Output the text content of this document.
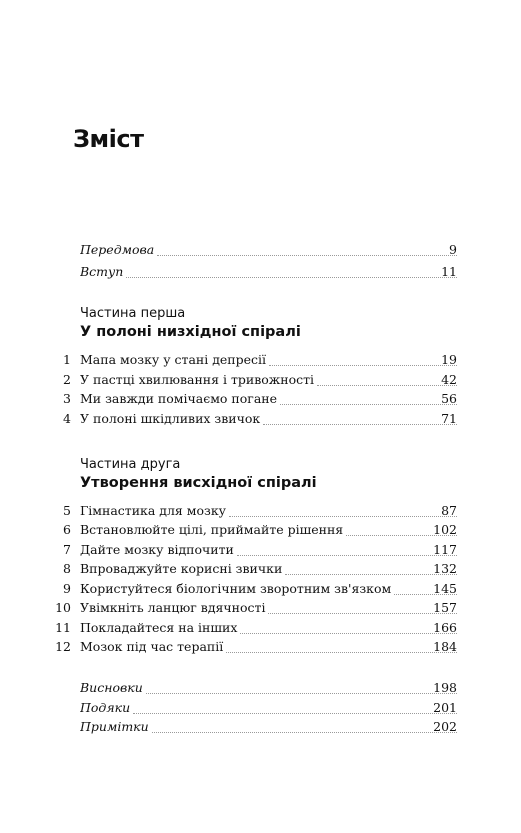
Зміст
Передмова	9
Вступ	11
Частина перша
У полоні низхідної спіралі
1 Мапа мозку у стані депресії	19
2 У пастці хвилювання і тривожності	42
3 Ми завжди помічаємо погане	56
4 У полоні шкідливих звичок	71
Частина друга
Утворення висхідної спіралі
5 Гімнастика для мозку	87
6 Встановлюйте цілі, приймайте рішення	102
7 Дайте мозку відпочити	117
8 Впроваджуйте корисні звички	132
9 Користуйтеся біологічним зворотним зв'язком	145
10 Увімкніть ланцюг вдячності	157
11 Покладайтеся на інших	166
12 Мозок під час терапії	184
Висновки	198
Подяки	201
Примітки	202
